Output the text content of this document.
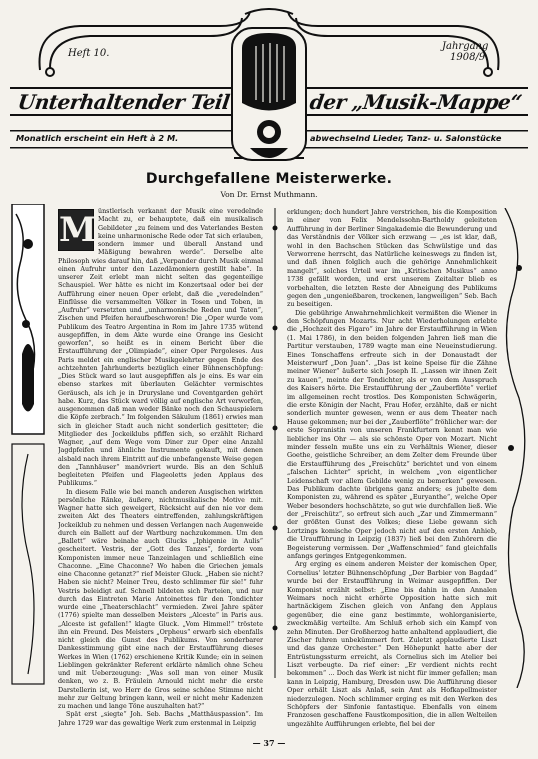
Heft 10.
Jahrgang
1908/9.
Unterhaltender Teil	der „Musik-Mappe“
Monatlich erscheint ein Heft à 2 M.	abwechselnd Lieder, Tanz- u. Salonstücke
Durchgefallene Meisterwerke.
Von Dr. Ernst Muthmann.
M ünstlerisch verkannt der Musik eine veredelnde Macht zu, er behauptete, daß ein musikalisch Gebildeter „zu feinem und des Vaterlandes Besten keine unharmonische Rede oder Tat sich erlauben, sondern immer und überall Anstand und Mäßigung bewahren werde“. Derselbe alte Philosoph wies darauf hin, daß „Verpander durch Musik einmal einen Aufruhr unter den Lazedämoniern gestillt habe“. In unserer Zeit erlebt man nicht selten das gegenteilige Schauspiel. Wer hätte es nicht im Konzertsaal oder bei der Aufführung einer neuen Oper erlebt, daß die „veredelnden“ Einflüsse die versammelten Völker in Tosen und Toben, in „Aufruhr“ versetzten und „unharmonische Reden und Taten“, Zischen und Pfeifen heraufbeschworen! Die „Oper wurde vom Publikum des Teatro Argentina in Rom im Jahre 1735 wütend ausgepfiffen, in dem Akte wurde eine Orange ins Gesicht geworfen“, so heißt es in einem Bericht über die Erstaufführung der „Olimpiade“, einer Oper Pergoleses. Aus Paris meldet ein englischer Musikgelehrter gegen Ende des achtzehnten Jahrhunderts bezüglich einer Bühnenschöpfung: „Dies Stück ward so laut ausgepfiffen als je eins. Es war ein ebenso starkes mit überlauten Gelächter vermischtes Geräusch, als ich je in Druryslane und Coventgarden gehört habe. Kurz, das Stück ward völlig auf englische Art verworfen, ausgenommen daß man weder Bänke noch den Schauspielern die Köpfe zerbrach.“ Im folgenden Säkulum (1861) erwies man sich in gleicher Stadt auch nicht sonderlich gesitteter; die Mitglieder des Jockeiklubs pfiffen sich, so erzählt Richard Wagner, „auf dem Wege vom Diner zur Oper eine Anzahl Jagdpfeifen und ähnliche Instrumente gekauft, mit denen alsbald nach ihrem Eintritt auf die unbefangenste Weise gegen den „Tannhäuser“ manövriert wurde. Bis an den Schluß begleiteten Pfeifen und Flageoletts jeden Applaus des Publikums.“

In diesem Falle wie bei manch anderen Ausgischen wirkten persönliche Ränke, äußere, nichtmusikalische Motive mit. Wagner hatte sich geweigert, Rücksicht auf den nie vor dem zweiten Akt des Theaters eintreffenden, zahlungskräftigen Jockeiklub zu nehmen und dessen Verlangen nach Augenweide durch ein Ballett auf der Wartburg nachzukommen. Um den „Ballett“ wäre beinahe auch Glucks „Iphigenie in Aulis“ gescheitert. Vestris, der „Gott des Tanzes“, forderte vom Komponisten immer neue Tanzeinlagen und schließlich eine Chaconne. „Eine Chaconne? Wo haben die Griechen jemals eine Chaconne getanzt?“ rief Meister Gluck. „Haben sie nicht? Haben sie nicht? Meiner Treu, desto schlimmer für sie!“ fuhr Vestris beleidigt auf. Schnell bildeten sich Parteien, und nur durch das Eintreten Marie Antoinettes für den Tondichter wurde eine „Theaterschlacht“ vermieden. Zwei Jahre später (1776) spielte man desselben Meisters „Alceste“ in Paris aus. „Alceste ist gefallen!“ klagte Gluck. „Vom Himmel!“ tröstete ihn ein Freund. Des Meisters „Orpheus“ erwarb sich ebenfalls nicht gleich die Gunst des Publikums. Von sonderbarer Dankesstimmung gibt eine nach der Erstaufführung dieses Werkes in Wien (1762) erschienene Kritik Kunde; ein in seinen Lieblingen gekränkter Referent erklärte nämlich ohne Scheu und mit Ueberzeugung: „Was soll man von einer Musik denken, wo z. B. Fräulein Arnould nicht mehr die erste Darstellerin ist, wo Herr de Gros seine schöne Stimme nicht mehr zur Geltung bringen kann, weil er nicht mehr Kadenzen zu machen und lange Töne auszuhalten hat?“

Spät erst „siegte“ Joh. Seb. Bachs „Matthäuspassion“. Im Jahre 1729 war das gewaltige Werk zum erstenmal in Leipzig

erklungen; doch hundert Jahre verstrichen, bis die Komposition in einer von Felix Mendelssohn-Bartholdy geleiteten Aufführung in der Berliner Singakademie die Bewunderung und das Verständnis der Völker sich erzwang — „es ist klar, daß, wohl in den Bachschen Stücken das Schwülstige und das Verworrene herrscht, das Natürliche keineswegs zu finden ist, und daß ihnen folglich auch die gehörige Annehmlichkeit mangelt“, solches Urteil war im „Kritischen Musikus“ anno 1738 gefällt worden, und erst unserem Zeitalter blieb es vorbehalten, die letzten Reste der Abneigung des Publikums gegen den „ungenießbaren, trockenen, langweiligen“ Seb. Bach zu beseitigen.

Die gebührige Anwahrnehmlichkeit vermißten die Wiener in den Schöpfungen Mozarts. Nur acht Wiederholungen erlebte die „Hochzeit des Figaro“ im Jahre der Erstaufführung in Wien (1. Mai 1786), in den beiden folgenden Jahren ließ man die Partitur verstauben, 1789 wagte man eine Neueinstudierung. Eines Tonschaffens erfreute sich in der Donaustadt der Meisterwurf „Don Juan“. „Das ist keine Speise für die Zähne meiner Wiener“ äußerte sich Joseph II. „Lassen wir ihnen Zeit zu kauen“, meinte der Tondichter, als er von dem Ausspruch des Kaisers hörte. Die Erstaufführung der „Zauberflöte“ verlief im allgemeinen recht trostlos. Des Komponisten Schwägerin, die erste Königin der Nacht, Frau Hofer, erzählte, daß er nicht sonderlich munter gewesen, wenn er aus dem Theater nach Hause gekommen; nur bei der „Zauberflöte“ fröhlicher war: der erste Sopranistin von unseren Frankfurtern kennt man wie lieblicher ins Ohr — als sie schönste Oper von Mozart. Nicht minder fesseln mußte uns ein zu Verhältnis Wiener, dieser Goethe, geistliche Schreiber, an dem Zelter dem Freunde über die Erstaufführung des „Freischütz“ berichtet und von einem „falschen Lichter“ spricht, in welchem „von eigentlicher Leidenschaft vor allem Gebilde wenig zu bemerken“ gewesen. Das Publikum dachte übrigens ganz anders; es jubelte dem Komponisten zu, während es später „Euryanthe“, welche Oper Weber besonders hochschätzte, so gut wie durchfallen ließ. Wie der „Freischütz“, so erfreut sich auch „Zar und Zimmermann“ der größten Gunst des Volkes; diese Liebe gewann sich Lortzings komische Oper jedoch nicht auf den ersten Anhieb, die Uraufführung in Leipzig (1837) ließ bei den Zuhörern die Begeisterung vermissen. Der „Waffenschmied“ fand gleichfalls anfangs geringes Entgegenkommen.

Arg erging es einem anderen Meister der komischen Oper, Cornelius' letzter Bühnenschöpfung „Der Barbier von Bagdad“ wurde bei der Erstaufführung in Weimar ausgepfiffen. Der Komponist erzählt selbst: „Eine bis dahin in den Annalen Weimars noch nicht erhörte Opposition hatte sich mit hartnäckigem Zischen gleich von Anfang den Applaus gegenüber, die eine ganz bestimmte, wohlorganisierte, zweckmäßig verteilte. Am Schluß erhob sich ein Kampf von zehn Minuten. Der Großherzog hatte anhaltend applaudiert, die Zischer fuhren unbekümmert fort. Zuletzt applaudierte Liszt und das ganze Orchester.“ Den Höhepunkt hatte aber der Entrüstungssturm erreicht, als Cornelius sich im Atelier bei Liszt verbeugte. Da rief einer: „Er verdient nichts recht bekommen“ ... Doch das Werk ist nicht für immer gefallen; man kann in Leipzig, Hamburg, Dresden usw. Die Aufführung dieser Oper erhält Liszt als Anlaß, sein Amt als Hofkapellmeister niederzulegen. Noch schlimmer erging es mit den Werken des Schöpfers der Sinfonie fantastique. Ebenfalls von einem Franzosen geschaffene Faustkomposition, die in allen Welteilen ungezählte Aufführungen erlebte, fiel bei der

— 37 —
